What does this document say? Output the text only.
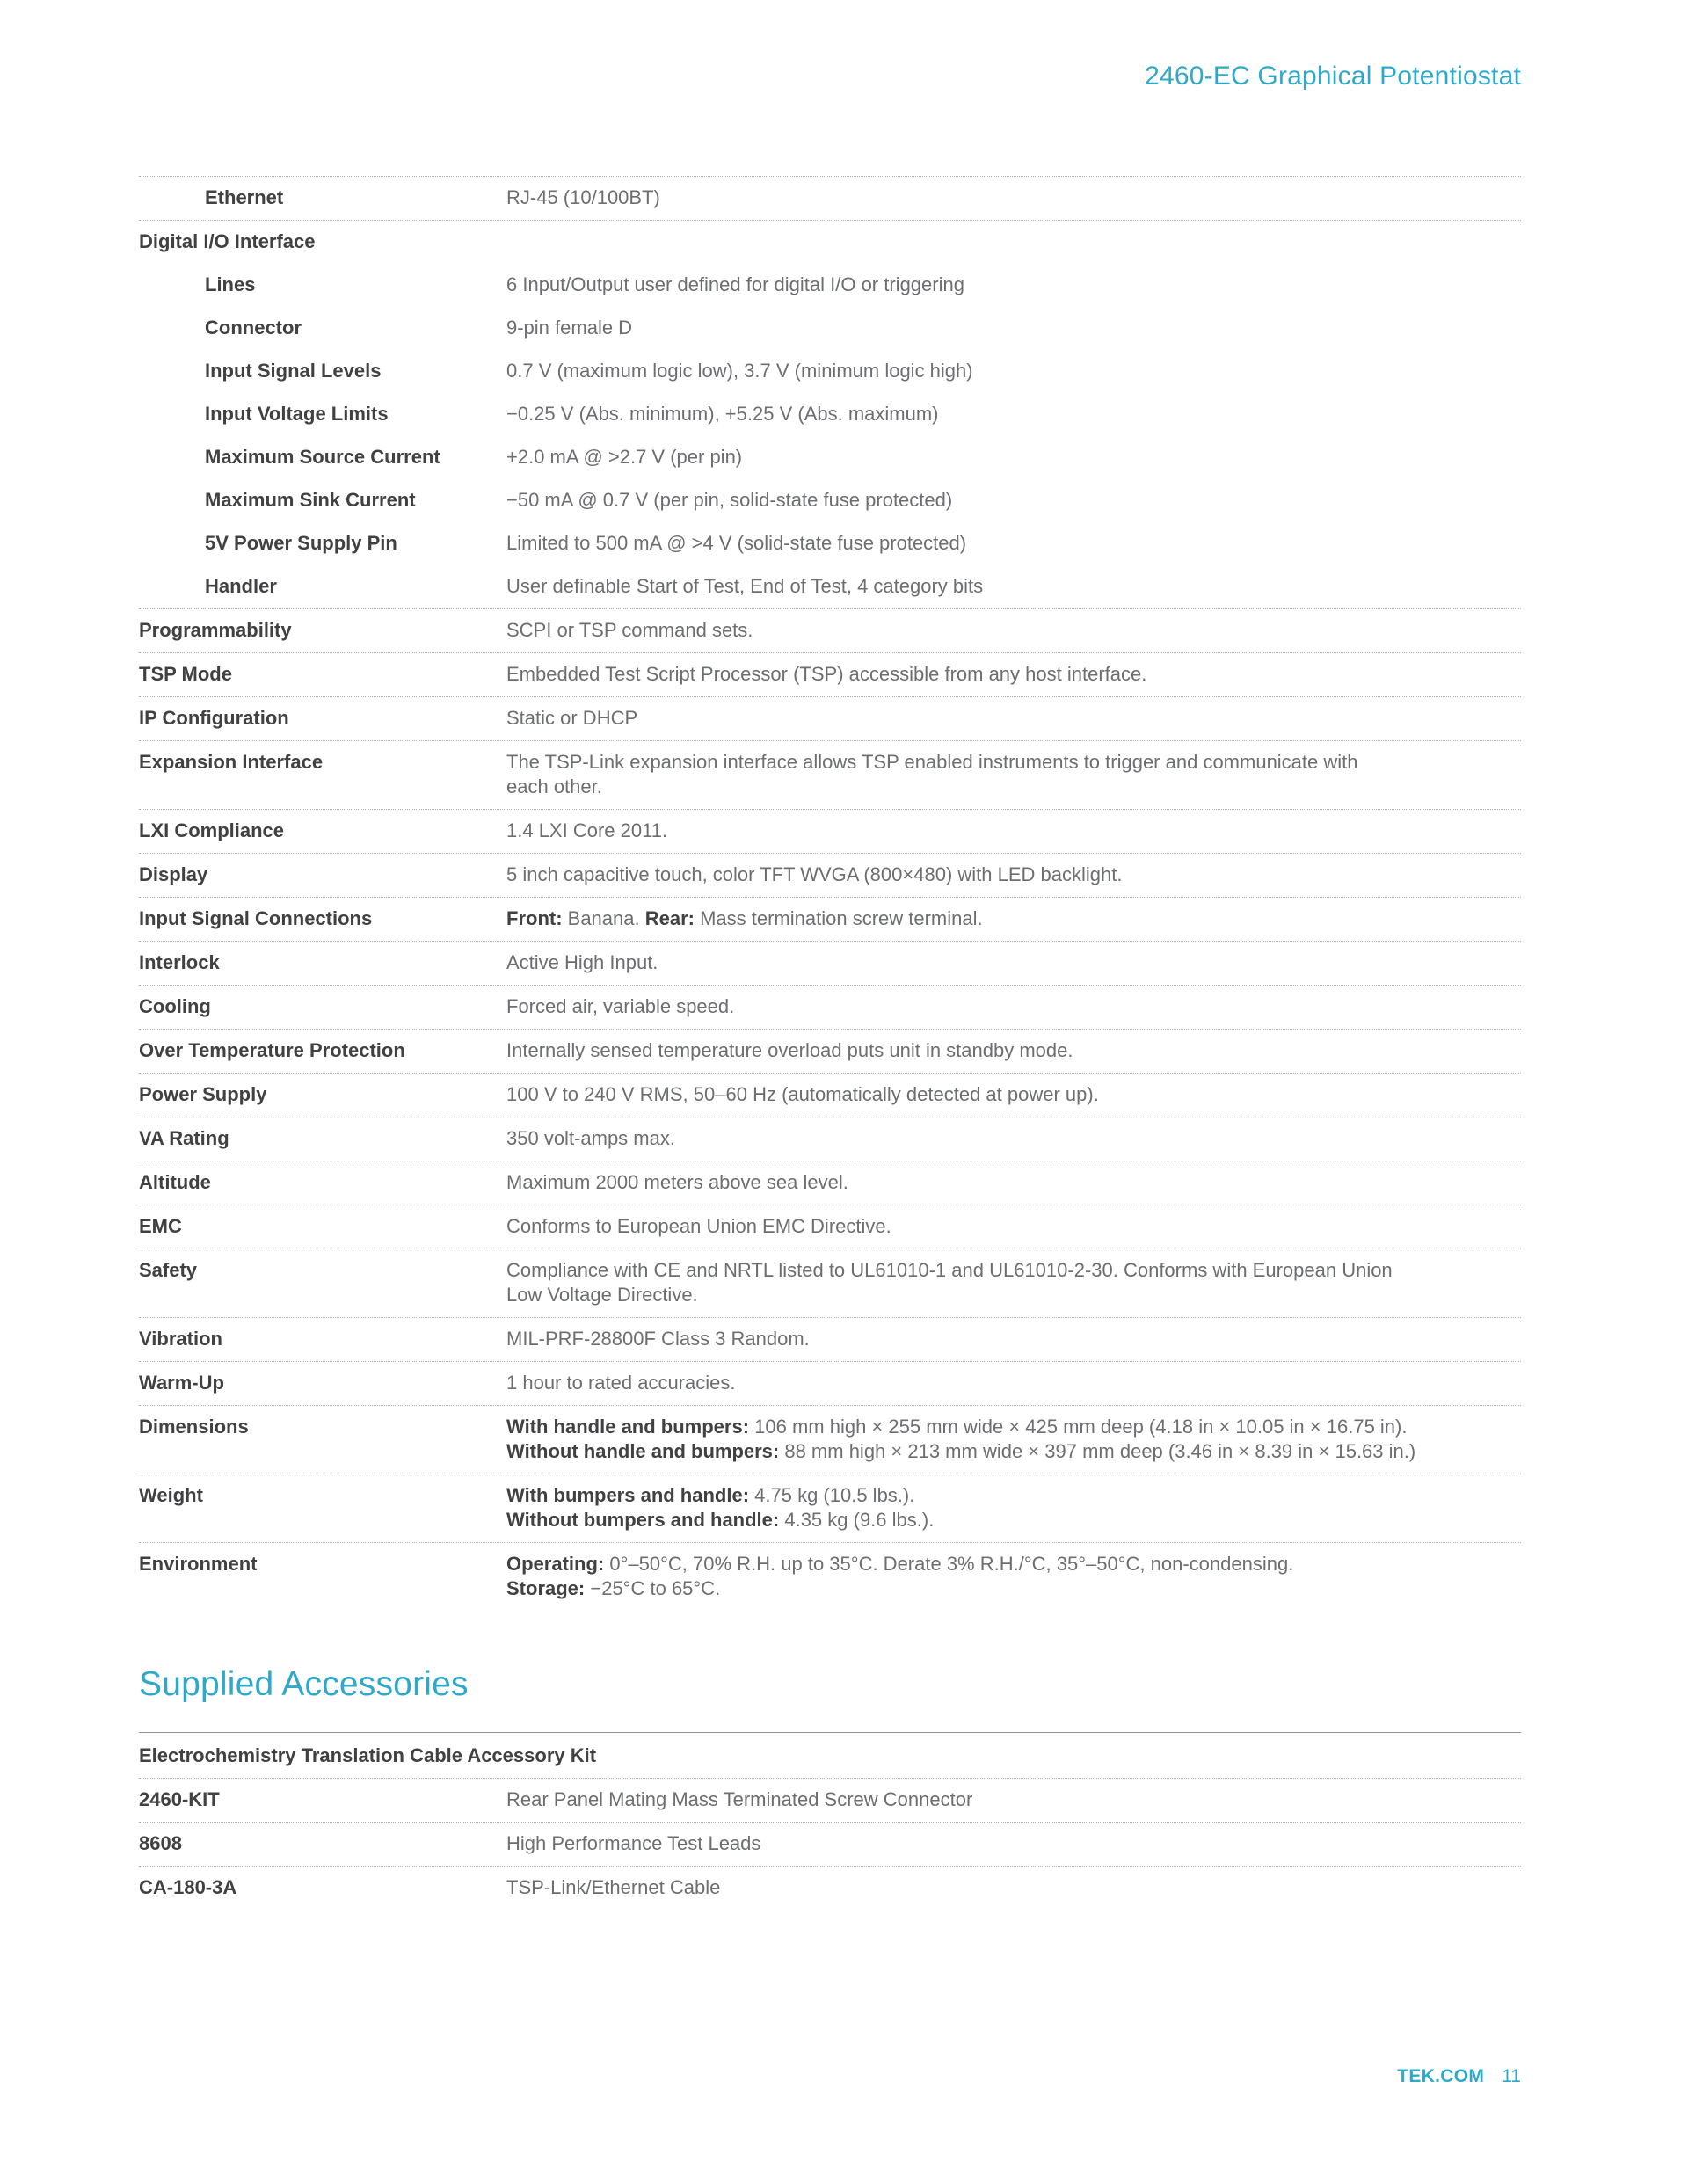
2460-EC Graphical Potentiostat
Ethernet	RJ-45 (10/100BT)
Digital I/O Interface
Lines	6 Input/Output user defined for digital I/O or triggering
Connector	9-pin female D
Input Signal Levels	0.7 V (maximum logic low), 3.7 V (minimum logic high)
Input Voltage Limits	−0.25 V (Abs. minimum), +5.25 V (Abs. maximum)
Maximum Source Current	+2.0 mA @ >2.7 V (per pin)
Maximum Sink Current	−50 mA @ 0.7 V (per pin, solid-state fuse protected)
5V Power Supply Pin	Limited to 500 mA @ >4 V (solid-state fuse protected)
Handler	User definable Start of Test, End of Test, 4 category bits
Programmability	SCPI or TSP command sets.
TSP Mode	Embedded Test Script Processor (TSP) accessible from any host interface.
IP Configuration	Static or DHCP
Expansion Interface	The TSP-Link expansion interface allows TSP enabled instruments to trigger and communicate with
each other.
LXI Compliance	1.4 LXI Core 2011.
Display	5 inch capacitive touch, color TFT WVGA (800×480) with LED backlight.
Input Signal Connections	Front: Banana. Rear: Mass termination screw terminal.
Interlock	Active High Input.
Cooling	Forced air, variable speed.
Over Temperature Protection	Internally sensed temperature overload puts unit in standby mode.
Power Supply	100 V to 240 V RMS, 50–60 Hz (automatically detected at power up).
VA Rating	350 volt-amps max.
Altitude	Maximum 2000 meters above sea level.
EMC	Conforms to European Union EMC Directive.
Safety	Compliance with CE and NRTL listed to UL61010-1 and UL61010-2-30. Conforms with European Union
Low Voltage Directive.
Vibration	MIL-PRF-28800F Class 3 Random.
Warm-Up	1 hour to rated accuracies.
Dimensions	With handle and bumpers: 106 mm high × 255 mm wide × 425 mm deep (4.18 in × 10.05 in × 16.75 in).
Without handle and bumpers: 88 mm high × 213 mm wide × 397 mm deep (3.46 in × 8.39 in × 15.63 in.)
Weight	With bumpers and handle: 4.75 kg (10.5 lbs.).
Without bumpers and handle: 4.35 kg (9.6 lbs.).
Environment	Operating: 0°–50°C, 70% R.H. up to 35°C. Derate 3% R.H./°C, 35°–50°C, non-condensing.
Storage: −25°C to 65°C.
Supplied Accessories
Electrochemistry Translation Cable Accessory Kit
2460-KIT	Rear Panel Mating Mass Terminated Screw Connector
8608	High Performance Test Leads
CA-180-3A	TSP-Link/Ethernet Cable
TEK.COM 11
